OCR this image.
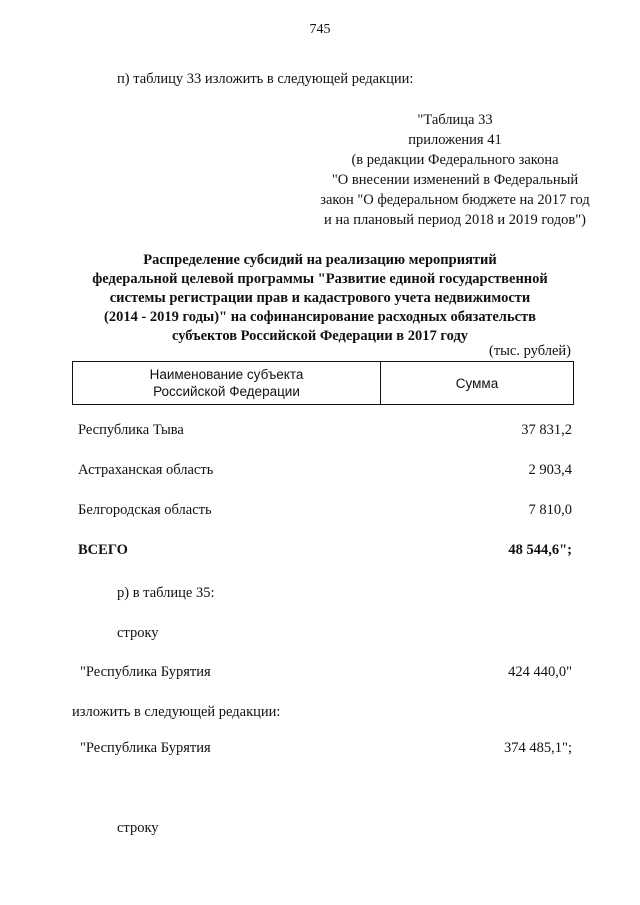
745
п) таблицу 33 изложить в следующей редакции:
"Таблица 33
приложения 41
(в редакции Федерального закона
"О внесении изменений в Федеральный
закон "О федеральном бюджете на 2017 год
и на плановый период 2018 и 2019 годов")
Распределение субсидий на реализацию мероприятий
федеральной целевой программы "Развитие единой государственной
системы регистрации прав и кадастрового учета недвижимости
(2014 - 2019 годы)" на софинансирование расходных обязательств
субъектов Российской Федерации в 2017 году
(тыс. рублей)
Наименование субъекта
Российской Федерации
Сумма
Республика Тыва	37 831,2
Астраханская область	2 903,4
Белгородская область	7 810,0
ВСЕГО	48 544,6";
р) в таблице 35:
строку
"Республика Бурятия	424 440,0"
изложить в следующей редакции:
"Республика Бурятия	374 485,1";
строку
